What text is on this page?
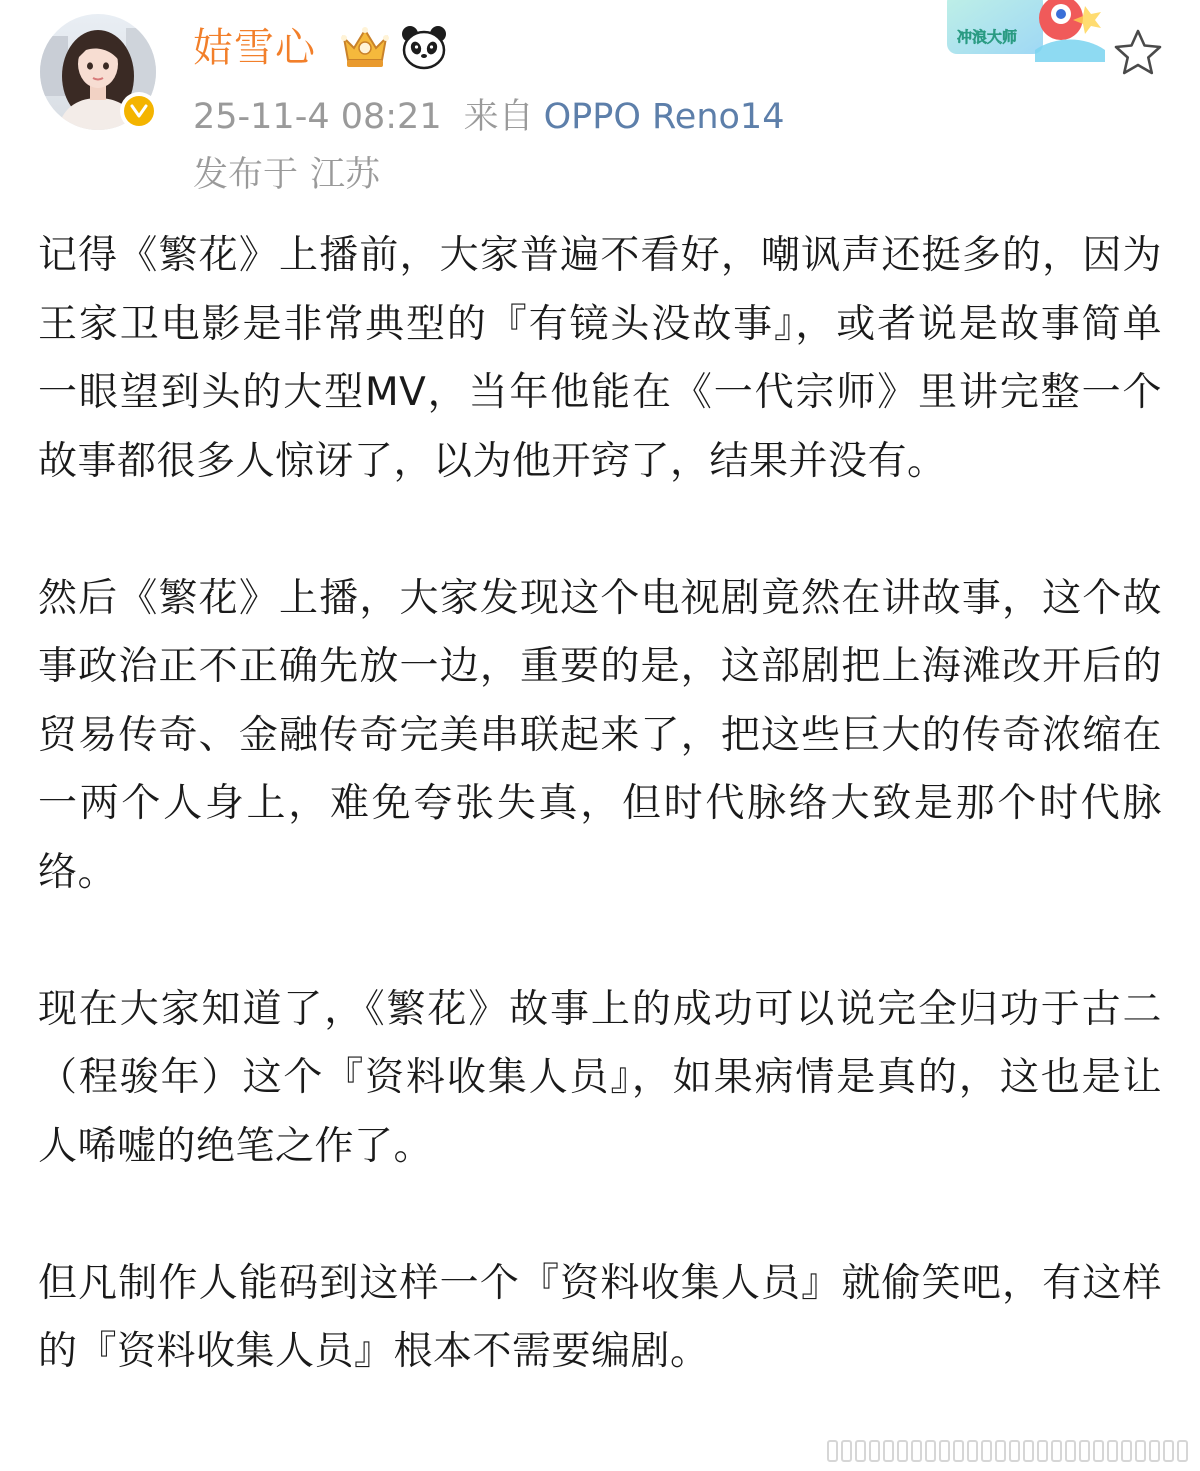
姞雪心
25-11-4 08:21 来自 OPPO Reno14
发布于 江苏
冲浪大师

记得《繁花》上播前，大家普遍不看好，嘲讽声还挺多的，因为王家卫电影是非常典型的『有镜头没故事』，或者说是故事简单一眼望到头的大型MV，当年他能在《一代宗师》里讲完整一个故事都很多人惊讶了，以为他开窍了，结果并没有。

然后《繁花》上播，大家发现这个电视剧竟然在讲故事，这个故事政治正不正确先放一边，重要的是，这部剧把上海滩改开后的贸易传奇、金融传奇完美串联起来了，把这些巨大的传奇浓缩在一两个人身上，难免夸张失真，但时代脉络大致是那个时代脉络。

现在大家知道了，《繁花》故事上的成功可以说完全归功于古二（程骏年）这个『资料收集人员』，如果病情是真的，这也是让人唏嘘的绝笔之作了。

但凡制作人能码到这样一个『资料收集人员』就偷笑吧，有这样的『资料收集人员』根本不需要编剧。
